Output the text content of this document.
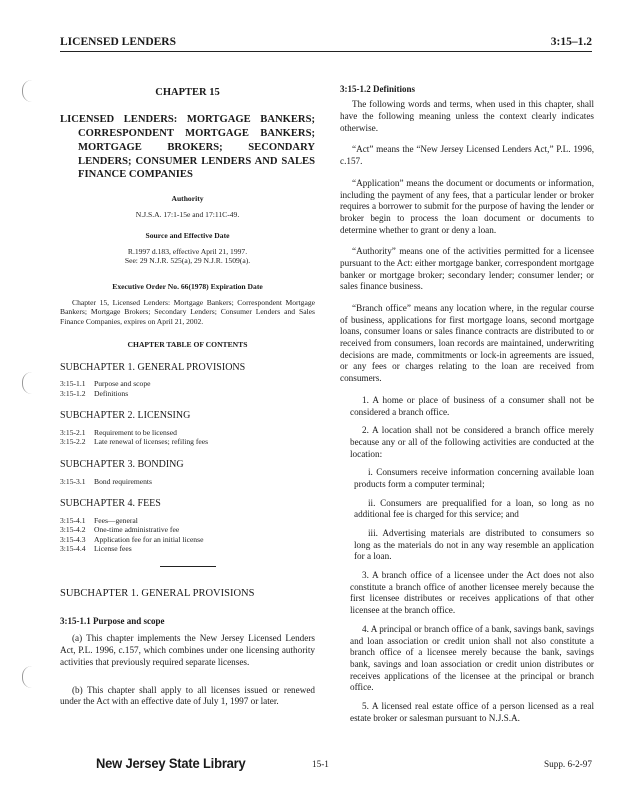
LICENSED LENDERS	3:15–1.2

CHAPTER 15

LICENSED LENDERS: MORTGAGE BANKERS; CORRESPONDENT MORTGAGE BANKERS; MORTGAGE BROKERS; SECONDARY LENDERS; CONSUMER LENDERS AND SALES FINANCE COMPANIES

Authority

N.J.S.A. 17:1-15e and 17:11C-49.

Source and Effective Date

R.1997 d.183, effective April 21, 1997.

See: 29 N.J.R. 525(a), 29 N.J.R. 1509(a).

Executive Order No. 66(1978) Expiration Date

Chapter 15, Licensed Lenders: Mortgage Bankers; Correspondent Mortgage Bankers; Mortgage Brokers; Secondary Lenders; Consumer Lenders and Sales Finance Companies, expires on April 21, 2002.

CHAPTER TABLE OF CONTENTS

SUBCHAPTER 1. GENERAL PROVISIONS

3:15-1.1	Purpose and scope
3:15-1.2	Definitions

SUBCHAPTER 2. LICENSING

3:15-2.1	Requirement to be licensed
3:15-2.2	Late renewal of licenses; refiling fees

SUBCHAPTER 3. BONDING

3:15-3.1	Bond requirements

SUBCHAPTER 4. FEES

3:15-4.1	Fees—general
3:15-4.2	One-time administrative fee
3:15-4.3	Application fee for an initial license
3:15-4.4	License fees

SUBCHAPTER 1. GENERAL PROVISIONS

3:15-1.1 Purpose and scope

(a) This chapter implements the New Jersey Licensed Lenders Act, P.L. 1996, c.157, which combines under one licensing authority activities that previously required separate licenses.

(b) This chapter shall apply to all licenses issued or renewed under the Act with an effective date of July 1, 1997 or later.

3:15-1.2 Definitions

The following words and terms, when used in this chapter, shall have the following meaning unless the context clearly indicates otherwise.

“Act” means the “New Jersey Licensed Lenders Act,” P.L. 1996, c.157.

“Application” means the document or documents or information, including the payment of any fees, that a particular lender or broker requires a borrower to submit for the purpose of having the lender or broker begin to process the loan document or documents to determine whether to grant or deny a loan.

“Authority” means one of the activities permitted for a licensee pursuant to the Act: either mortgage banker, correspondent mortgage banker or mortgage broker; secondary lender; consumer lender; or sales finance business.

“Branch office” means any location where, in the regular course of business, applications for first mortgage loans, second mortgage loans, consumer loans or sales finance contracts are distributed to or received from consumers, loan records are maintained, underwriting decisions are made, commitments or lock-in agreements are issued, or any fees or charges relating to the loan are received from consumers.

1. A home or place of business of a consumer shall not be considered a branch office.

2. A location shall not be considered a branch office merely because any or all of the following activities are conducted at the location:

i. Consumers receive information concerning available loan products form a computer terminal;

ii. Consumers are prequalified for a loan, so long as no additional fee is charged for this service; and

iii. Advertising materials are distributed to consumers so long as the materials do not in any way resemble an application for a loan.

3. A branch office of a licensee under the Act does not also constitute a branch office of another licensee merely because the first licensee distributes or receives applications of that other licensee at the branch office.

4. A principal or branch office of a bank, savings bank, savings and loan association or credit union shall not also constitute a branch office of a licensee merely because the bank, savings bank, savings and loan association or credit union distributes or receives applications of the licensee at the principal or branch office.

5. A licensed real estate office of a person licensed as a real estate broker or salesman pursuant to N.J.S.A.

New Jersey State Library	15-1	Supp. 6-2-97
